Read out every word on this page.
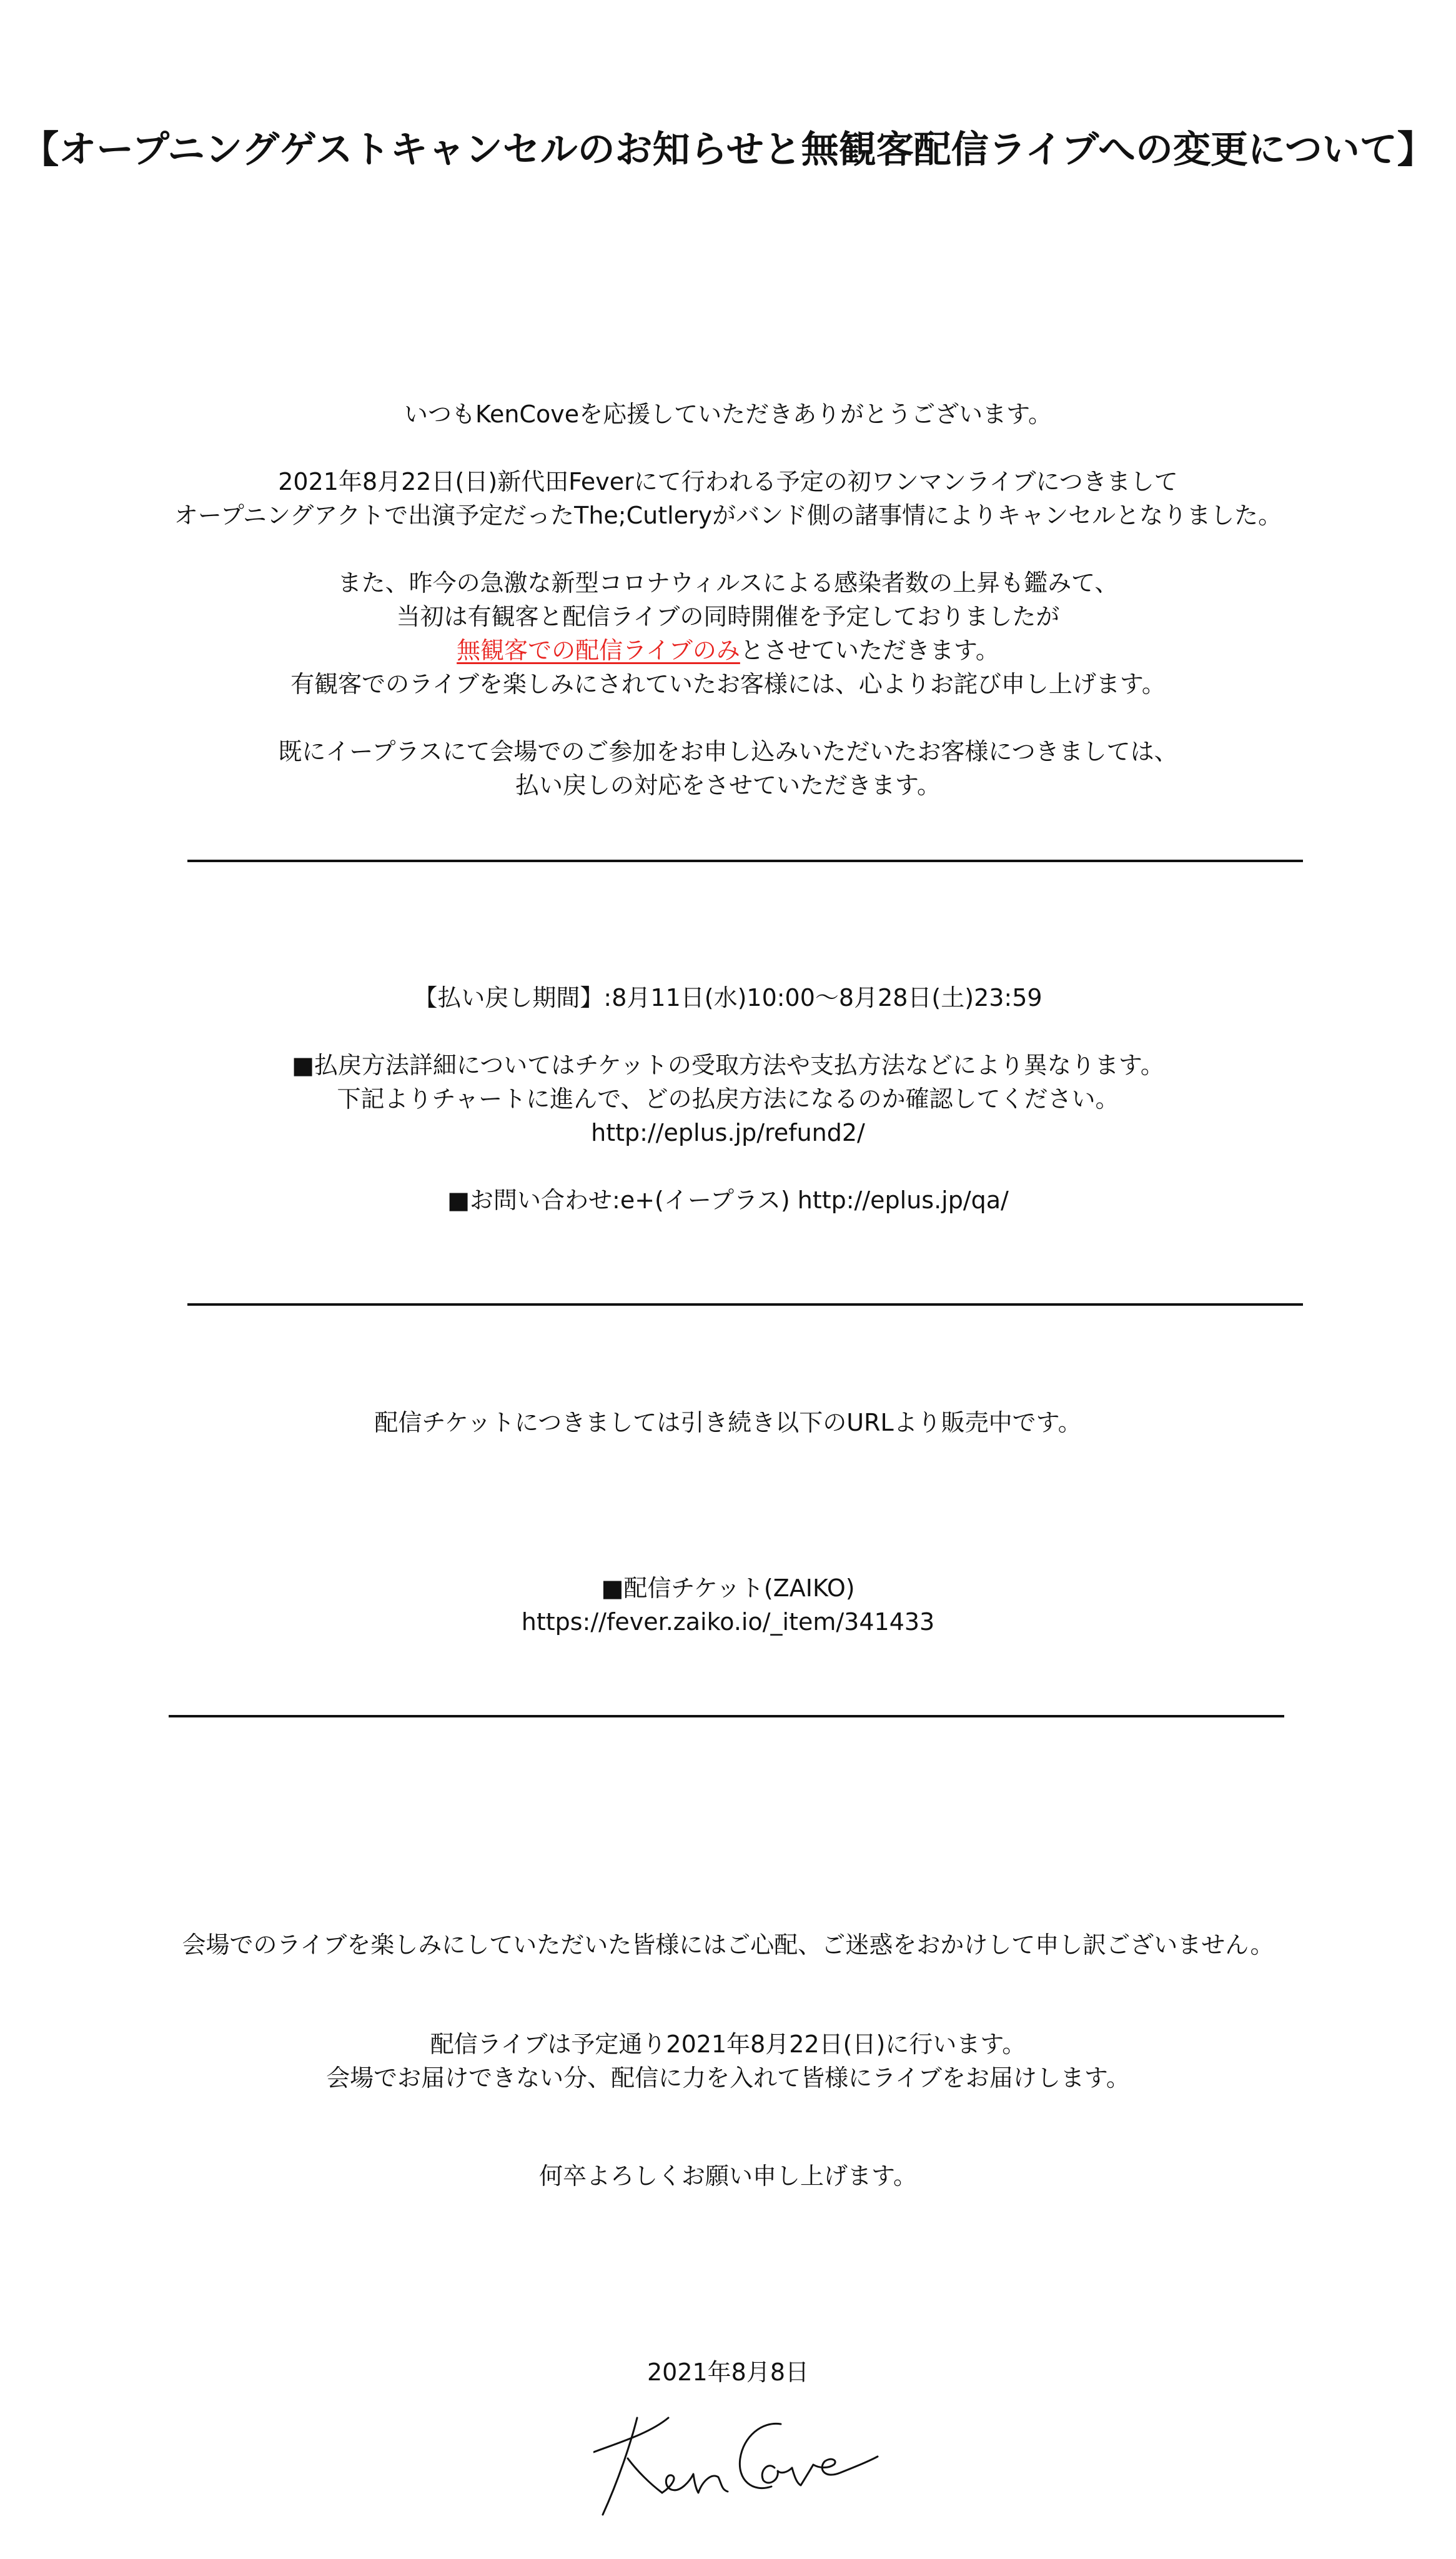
【オープニングゲストキャンセルのお知らせと無観客配信ライブへの変更について】
いつもKenCoveを応援していただきありがとうございます。
2021年8月22日(日)新代田Feverにて行われる予定の初ワンマンライブにつきまして
オープニングアクトで出演予定だったThe;Cutleryがバンド側の諸事情によりキャンセルとなりました。
また、昨今の急激な新型コロナウィルスによる感染者数の上昇も鑑みて、
当初は有観客と配信ライブの同時開催を予定しておりましたが
無観客での配信ライブのみとさせていただきます。
有観客でのライブを楽しみにされていたお客様には、心よりお詫び申し上げます。
既にイープラスにて会場でのご参加をお申し込みいただいたお客様につきましては、
払い戻しの対応をさせていただきます。
【払い戻し期間】:8月11日(水)10:00〜8月28日(土)23:59
■払戻方法詳細についてはチケットの受取方法や支払方法などにより異なります。
下記よりチャートに進んで、どの払戻方法になるのか確認してください。
http://eplus.jp/refund2/
■お問い合わせ:e+(イープラス) http://eplus.jp/qa/
配信チケットにつきましては引き続き以下のURLより販売中です。
■配信チケット(ZAIKO)
https://fever.zaiko.io/_item/341433
会場でのライブを楽しみにしていただいた皆様にはご心配、ご迷惑をおかけして申し訳ございません。
配信ライブは予定通り2021年8月22日(日)に行います。
会場でお届けできない分、配信に力を入れて皆様にライブをお届けします。
何卒よろしくお願い申し上げます。
2021年8月8日
